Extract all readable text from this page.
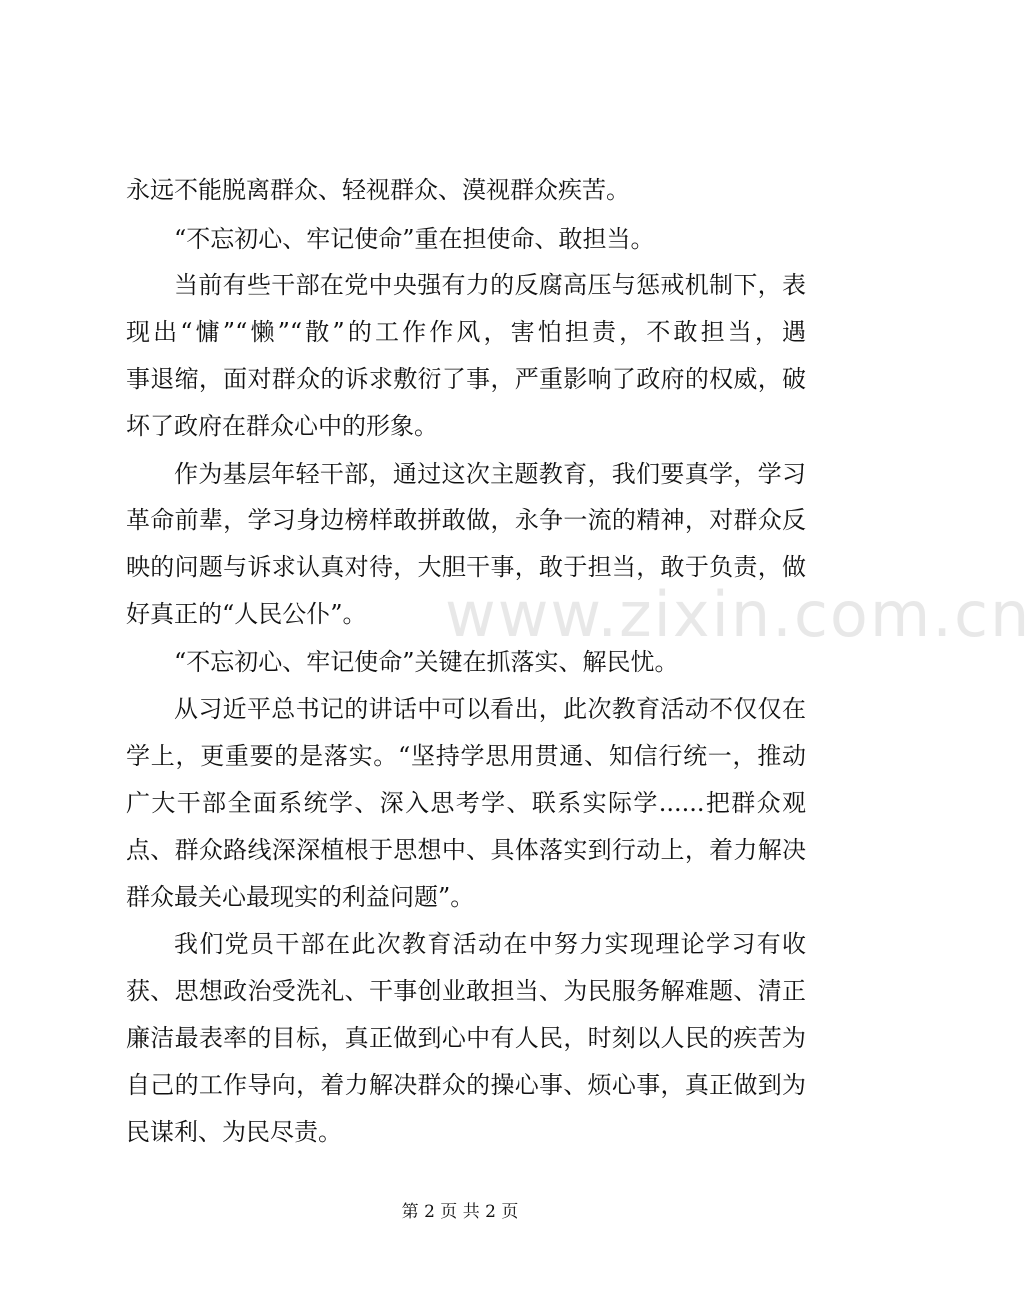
永远不能脱离群众、轻视群众、漠视群众疾苦。
“不忘初心、牢记使命”重在担使命、敢担当。
当前有些干部在党中央强有力的反腐高压与惩戒机制下，表
现出“慵”“懒”“散”的工作作风，害怕担责，不敢担当，遇
事退缩，面对群众的诉求敷衍了事，严重影响了政府的权威，破
坏了政府在群众心中的形象。
作为基层年轻干部，通过这次主题教育，我们要真学，学习
革命前辈，学习身边榜样敢拼敢做，永争一流的精神，对群众反
映的问题与诉求认真对待，大胆干事，敢于担当，敢于负责，做
好真正的“人民公仆”。
“不忘初心、牢记使命”关键在抓落实、解民忧。
从习近平总书记的讲话中可以看出，此次教育活动不仅仅在
学上，更重要的是落实。“坚持学思用贯通、知信行统一，推动
广大干部全面系统学、深入思考学、联系实际学......把群众观
点、群众路线深深植根于思想中、具体落实到行动上，着力解决
群众最关心最现实的利益问题”。
我们党员干部在此次教育活动在中努力实现理论学习有收
获、思想政治受洗礼、干事创业敢担当、为民服务解难题、清正
廉洁最表率的目标，真正做到心中有人民，时刻以人民的疾苦为
自己的工作导向，着力解决群众的操心事、烦心事，真正做到为
民谋利、为民尽责。
www.zixin.com.cn
第 2 页 共 2 页
